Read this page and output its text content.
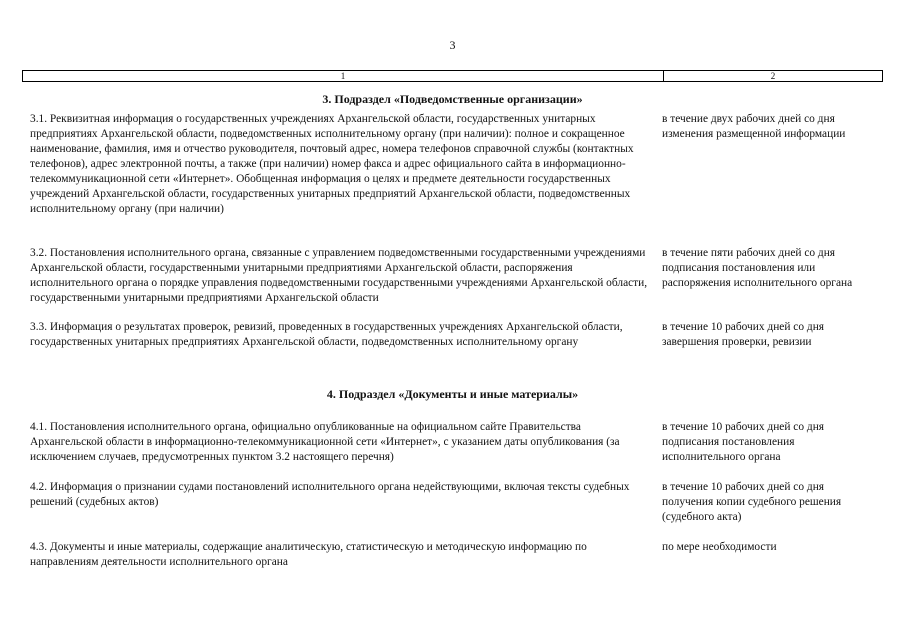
3
1	2
3. Подраздел «Подведомственные организации»
3.1. Реквизитная информация о государственных учреждениях Архангельской области, государственных унитарных предприятиях Архангельской области, подведомственных исполнительному органу (при наличии): полное и сокращенное наименование, фамилия, имя и отчество руководителя, почтовый адрес, номера телефонов справочной службы (контактных телефонов), адрес электронной почты, а также (при наличии) номер факса и адрес официального сайта в информационно-телекоммуникационной сети «Интернет». Обобщенная информация о целях и предмете деятельности государственных учреждений Архангельской области, государственных унитарных предприятий Архангельской области, подведомственных исполнительному органу (при наличии)
в течение двух рабочих дней со дня изменения размещенной информации
3.2. Постановления исполнительного органа, связанные с управлением подведомственными государственными учреждениями Архангельской области, государственными унитарными предприятиями Архангельской области, распоряжения исполнительного органа о порядке управления подведомственными государственными учреждениями Архангельской области, государственными унитарными предприятиями Архангельской области
в течение пяти рабочих дней со дня подписания постановления или распоряжения исполнительного органа
3.3. Информация о результатах проверок, ревизий, проведенных в государственных учреждениях Архангельской области, государственных унитарных предприятиях Архангельской области, подведомственных исполнительному органу
в течение 10 рабочих дней со дня завершения проверки, ревизии
4. Подраздел «Документы и иные материалы»
4.1. Постановления исполнительного органа, официально опубликованные на официальном сайте Правительства Архангельской области в информационно-телекоммуникационной сети «Интернет», с указанием даты опубликования (за исключением случаев, предусмотренных пунктом 3.2 настоящего перечня)
в течение 10 рабочих дней со дня подписания постановления исполнительного органа
4.2. Информация о признании судами постановлений исполнительного органа недействующими, включая тексты судебных решений (судебных актов)
в течение 10 рабочих дней со дня получения копии судебного решения (судебного акта)
4.3. Документы и иные материалы, содержащие аналитическую, статистическую и методическую информацию по направлениям деятельности исполнительного органа
по мере необходимости
